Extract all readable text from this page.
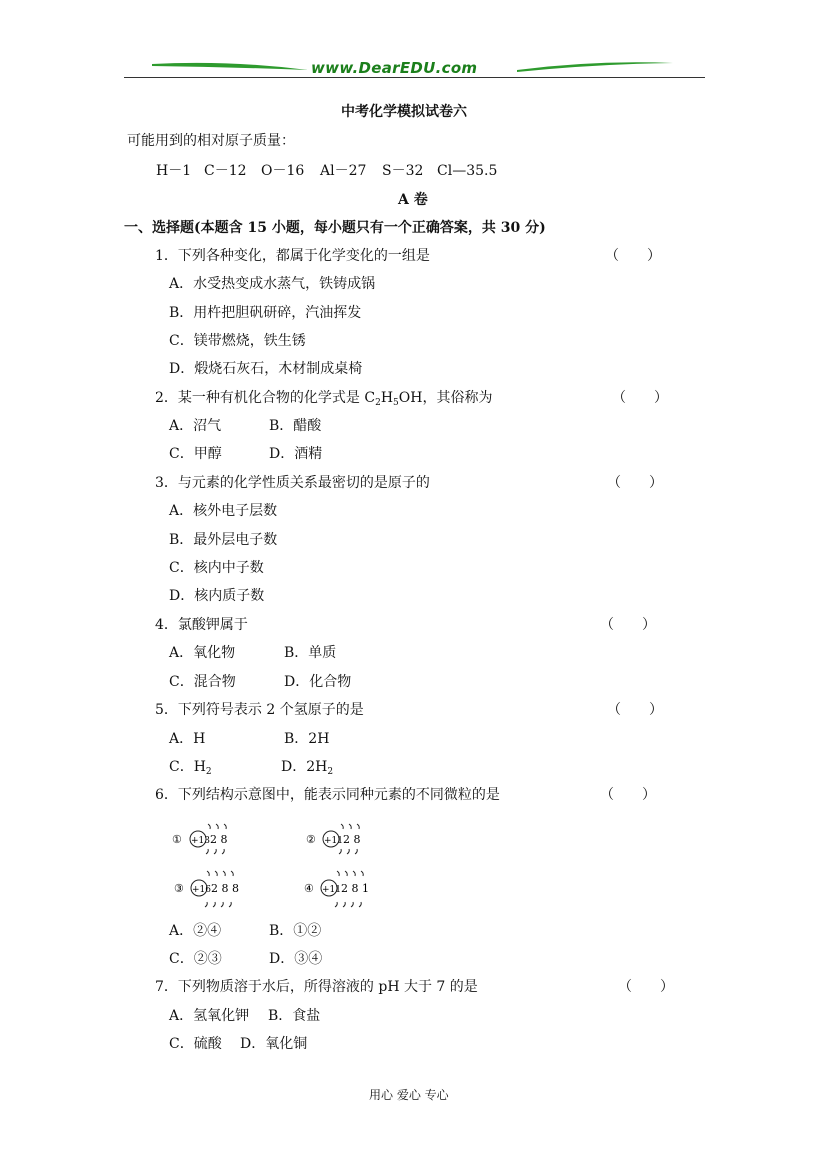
www.DearEDU.com
中考化学模拟试卷六
可能用到的相对原子质量：
H－1 C－12 O－16 Al－27 S－32 Cl—35.5
A 卷
一、选择题(本题含 15 小题，每小题只有一个正确答案，共 30 分)
1．下列各种变化，都属于化学变化的一组是	（　　）
A．水受热变成水蒸气，铁铸成锅
B．用杵把胆矾研碎，汽油挥发
C．镁带燃烧，铁生锈
D．煅烧石灰石，木材制成桌椅
2．某一种有机化合物的化学式是 $C_2H_5OH$，其俗称为	（　　）
A．沼气	B．醋酸
C．甲醇	D．酒精
3．与元素的化学性质关系最密切的是原子的	（　　）
A．核外电子层数
B．最外层电子数
C．核内中子数
D．核内质子数
4．氯酸钾属于	（　　）
A．氧化物	B．单质
C．混合物	D．化合物
5．下列符号表示 2 个氢原子的是	（　　）
A．H	B．2H
C．$H_2$	D．$2H_2$
6．下列结构示意图中，能表示同种元素的不同微粒的是	（　　）
① +13 2 8	② +11 2 8
③ +16 2 8 8	④ +11 2 8 1
A．②④	B．①②
C．②③	D．③④
7．下列物质溶于水后，所得溶液的 pH 大于 7 的是	（　　）
A．氢氧化钾 B．食盐
C．硫酸 D．氧化铜
用心 爱心 专心
